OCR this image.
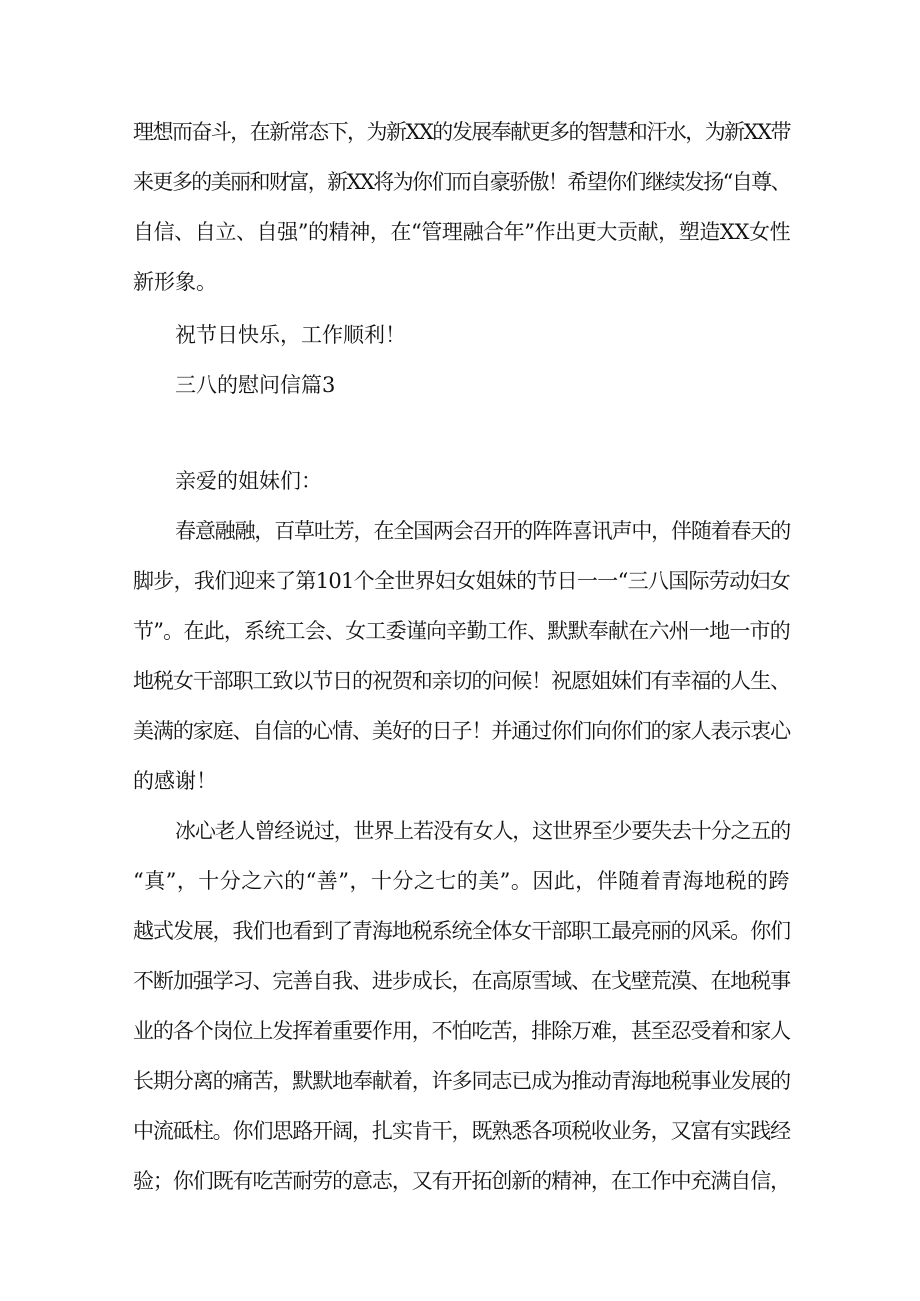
理想而奋斗，在新常态下，为新XX的发展奉献更多的智慧和汗水，为新XX带
来更多的美丽和财富，新XX将为你们而自豪骄傲！希望你们继续发扬“自尊、
自信、自立、自强”的精神，在“管理融合年”作出更大贡献，塑造XX女性
新形象。
祝节日快乐，工作顺利！
三八的慰问信篇3
亲爱的姐妹们：
春意融融，百草吐芳，在全国两会召开的阵阵喜讯声中，伴随着春天的
脚步，我们迎来了第101个全世界妇女姐妹的节日一一“三八国际劳动妇女
节”。在此，系统工会、女工委谨向辛勤工作、默默奉献在六州一地一市的
地税女干部职工致以节日的祝贺和亲切的问候！祝愿姐妹们有幸福的人生、
美满的家庭、自信的心情、美好的日子！并通过你们向你们的家人表示衷心
的感谢！
冰心老人曾经说过，世界上若没有女人，这世界至少要失去十分之五的
“真”，十分之六的“善”，十分之七的美”。因此，伴随着青海地税的跨
越式发展，我们也看到了青海地税系统全体女干部职工最亮丽的风采。你们
不断加强学习、完善自我、进步成长，在高原雪域、在戈壁荒漠、在地税事
业的各个岗位上发挥着重要作用，不怕吃苦，排除万难，甚至忍受着和家人
长期分离的痛苦，默默地奉献着，许多同志已成为推动青海地税事业发展的
中流砥柱。你们思路开阔，扎实肯干，既熟悉各项税收业务，又富有实践经
验；你们既有吃苦耐劳的意志，又有开拓创新的精神，在工作中充满自信，
